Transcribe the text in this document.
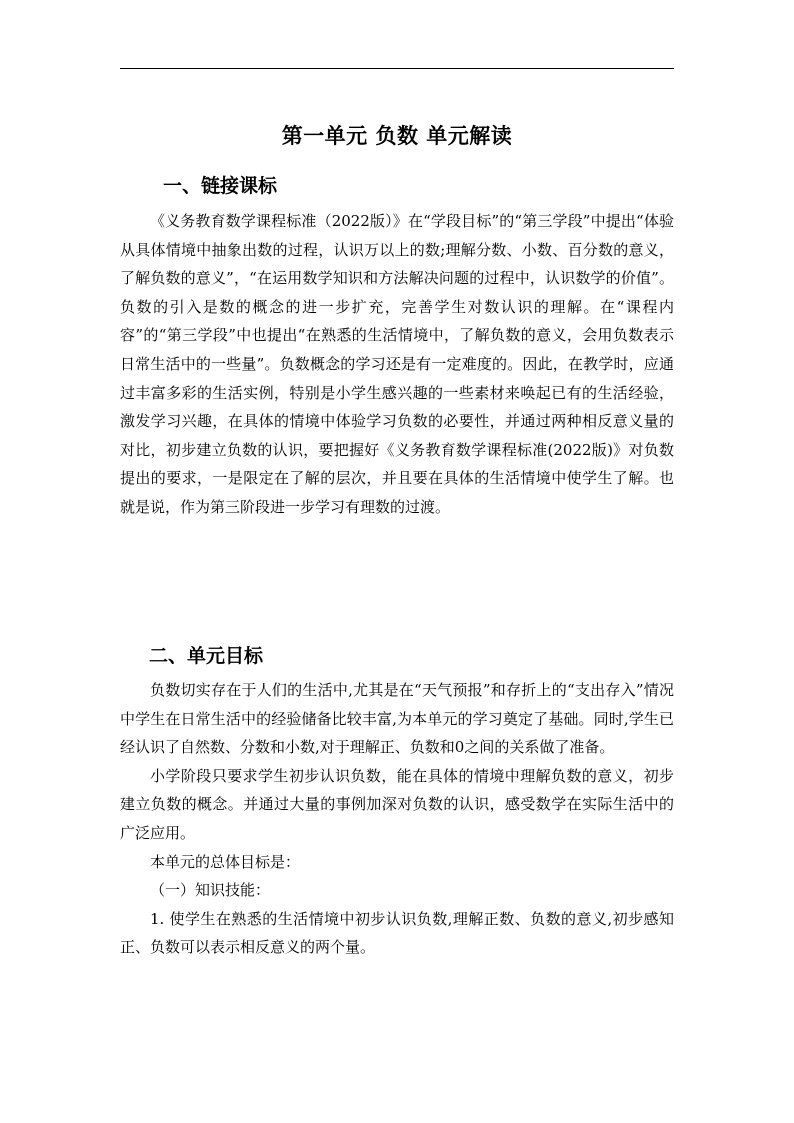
第一单元 负数 单元解读
一、链接课标

《义务教育数学课程标准（2022版）》在“学段目标”的“第三学段”中提出“体验从具体情境中抽象出数的过程，认识万以上的数;理解分数、小数、百分数的意义，了解负数的意义”，“在运用数学知识和方法解决问题的过程中，认识数学的价值”。负数的引入是数的概念的进一步扩充，完善学生对数认识的理解。在“课程内容”的“第三学段”中也提出“在熟悉的生活情境中，了解负数的意义，会用负数表示日常生活中的一些量”。负数概念的学习还是有一定难度的。因此，在教学时，应通过丰富多彩的生活实例，特别是小学生感兴趣的一些素材来唤起已有的生活经验，激发学习兴趣，在具体的情境中体验学习负数的必要性，并通过两种相反意义量的对比，初步建立负数的认识，要把握好《义务教育数学课程标准(2022版)》对负数提出的要求，一是限定在了解的层次，并且要在具体的生活情境中使学生了解。也就是说，作为第三阶段进一步学习有理数的过渡。

二、单元目标

负数切实存在于人们的生活中,尤其是在“天气预报”和存折上的“支出存入”情况中学生在日常生活中的经验储备比较丰富,为本单元的学习奠定了基础。同时,学生已经认识了自然数、分数和小数,对于理解正、负数和0之间的关系做了准备。

小学阶段只要求学生初步认识负数，能在具体的情境中理解负数的意义，初步建立负数的概念。并通过大量的事例加深对负数的认识，感受数学在实际生活中的广泛应用。

本单元的总体目标是：

（一）知识技能：

1. 使学生在熟悉的生活情境中初步认识负数,理解正数、负数的意义,初步感知正、负数可以表示相反意义的两个量。
